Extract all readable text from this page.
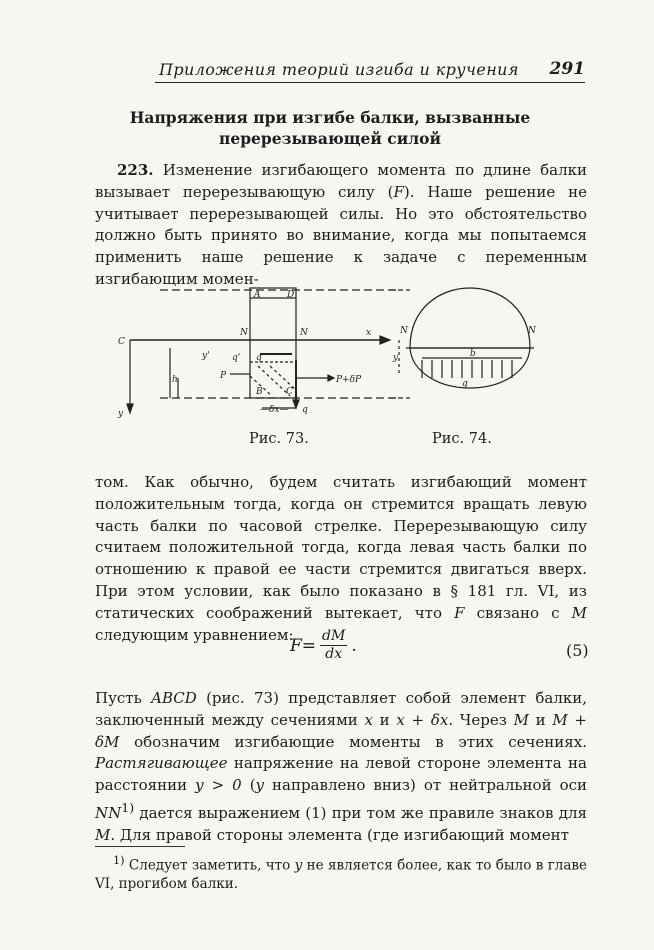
Приложения теорий изгиба и кручения 291
Напряжения при изгибе балки, вызванные
перерезывающей силой

223. Изменение изгибающего момента по длине балки вызывает перерезывающую силу (F). Наше решение не учитывает перерезывающей силы. Но это обстоятельство должно быть принято во внимание, когда мы попытаемся применить наше решение к задаче с переменным изгибающим момен-

A	D
C
N	N	x
y
y'
h
q' q
P	P+δP
B	C
—δx— q
N	N
y	b
q
Рис. 73.	Рис. 74.

том. Как обычно, будем считать изгибающий момент положительным тогда, когда он стремится вращать левую часть балки по часовой стрелке. Перерезывающую силу считаем положительной тогда, когда левая часть балки по отношению к правой ее части стремится двигаться вверх. При этом условии, как было показано в § 181 гл. VI, из статических соображений вытекает, что F связано с M следующим уравнением:

$F= \frac{dM}{dx}$ .	(5)

Пусть ABCD (рис. 73) представляет собой элемент балки, заключенный между сечениями x и x + δx. Через M и M + δM обозначим изгибающие моменты в этих сечениях. Растягивающее напряжение на левой стороне элемента на расстоянии y > 0 (y направлено вниз) от нейтральной оси NN$^{1)}$ дается выражением (1) при том же правиле знаков для M. Для правой стороны элемента (где изгибающий момент

$^{1)}$ Следует заметить, что y не является более, как то было в главе VI, прогибом балки.
